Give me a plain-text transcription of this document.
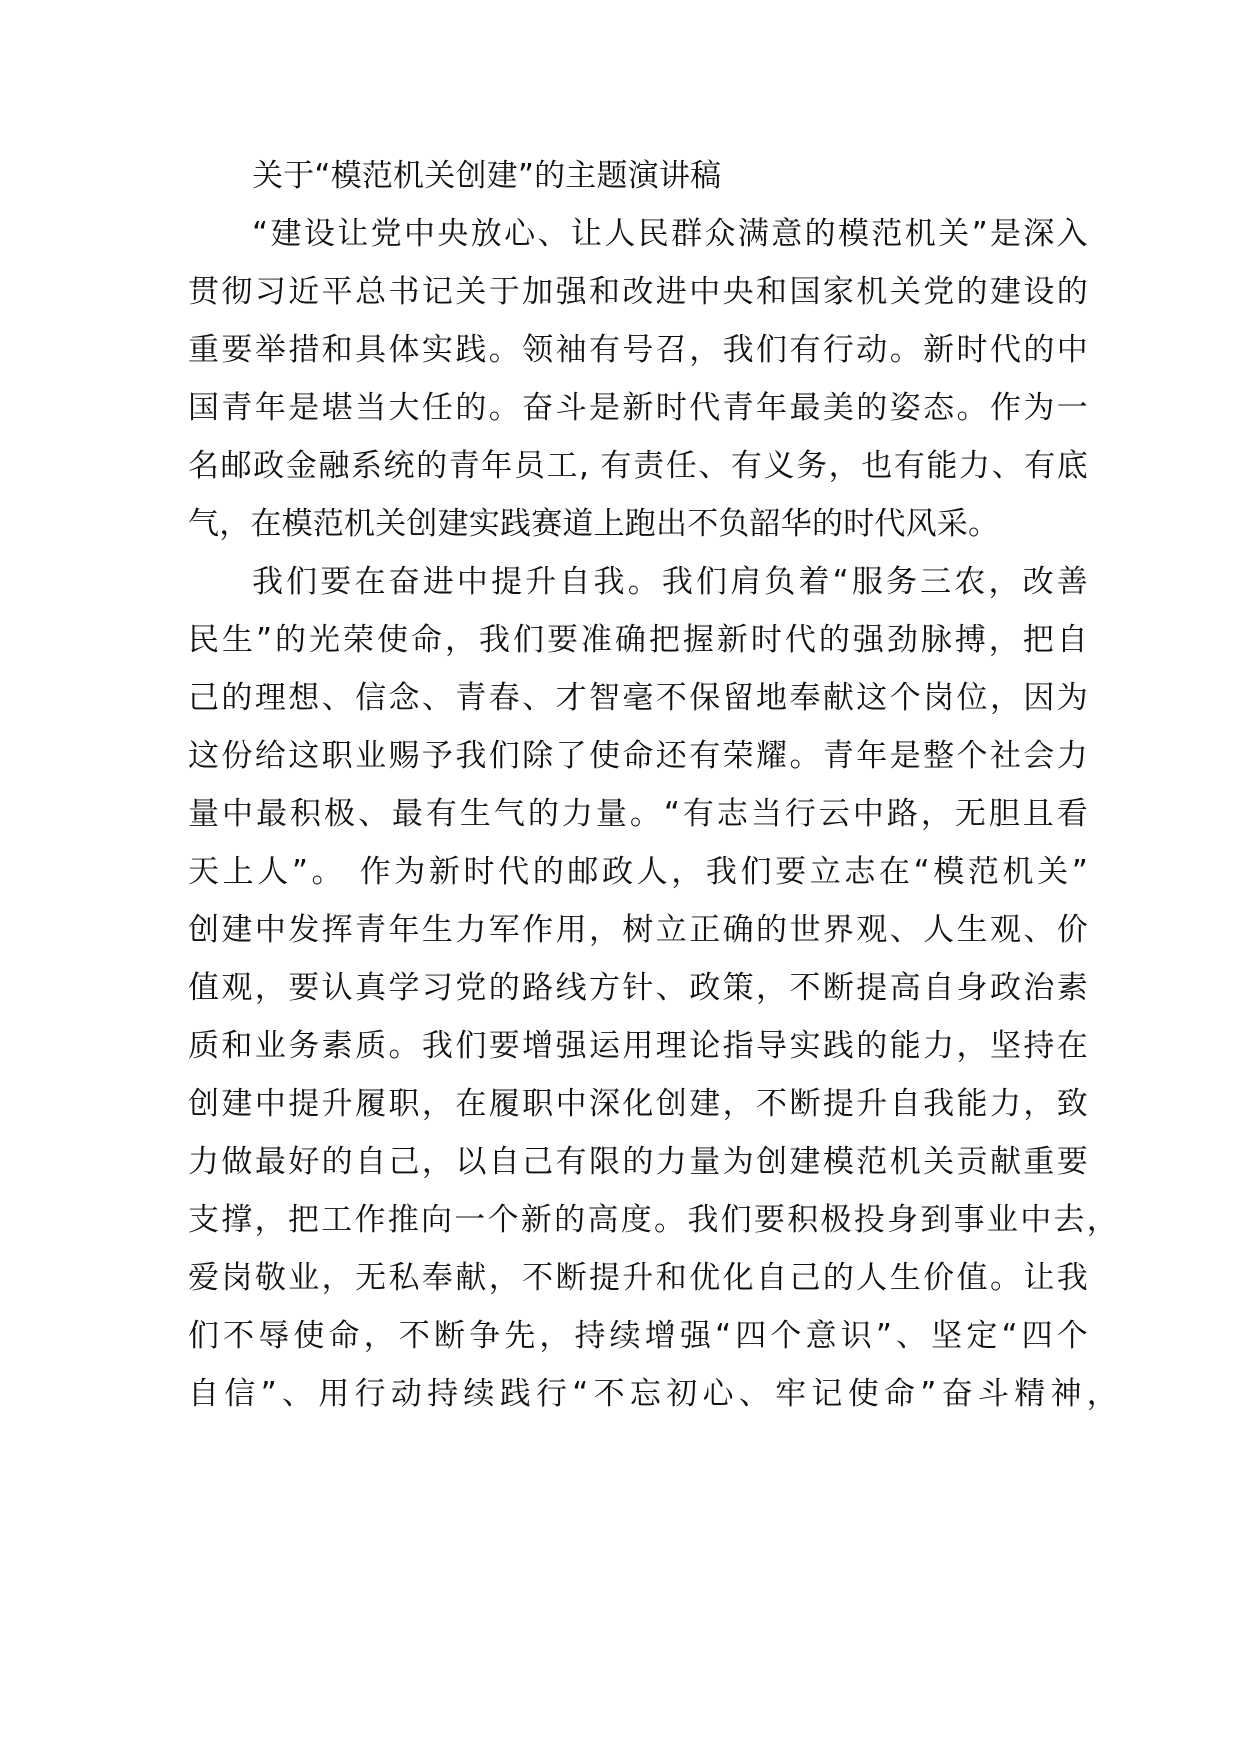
关于“模范机关创建”的主题演讲稿
“建设让党中央放心、让人民群众满意的模范机关”是深入
贯彻习近平总书记关于加强和改进中央和国家机关党的建设的
重要举措和具体实践。领袖有号召，我们有行动。新时代的中
国青年是堪当大任的。奋斗是新时代青年最美的姿态。作为一
名邮政金融系统的青年员工, 有责任、有义务，也有能力、有底
气，在模范机关创建实践赛道上跑出不负韶华的时代风采。
我们要在奋进中提升自我。我们肩负着“服务三农，改善
民生”的光荣使命，我们要准确把握新时代的强劲脉搏，把自
己的理想、信念、青春、才智毫不保留地奉献这个岗位，因为
这份给这职业赐予我们除了使命还有荣耀。青年是整个社会力
量中最积极、最有生气的力量。“有志当行云中路，无胆且看
天上人”。 作为新时代的邮政人，我们要立志在“模范机关”
创建中发挥青年生力军作用，树立正确的世界观、人生观、价
值观，要认真学习党的路线方针、政策，不断提高自身政治素
质和业务素质。我们要增强运用理论指导实践的能力，坚持在
创建中提升履职，在履职中深化创建，不断提升自我能力，致
力做最好的自己，以自己有限的力量为创建模范机关贡献重要
支撑，把工作推向一个新的高度。我们要积极投身到事业中去，
爱岗敬业，无私奉献，不断提升和优化自己的人生价值。让我
们不辱使命，不断争先，持续增强“四个意识”、坚定“四个
自信”、用行动持续践行“不忘初心、牢记使命”奋斗精神，
